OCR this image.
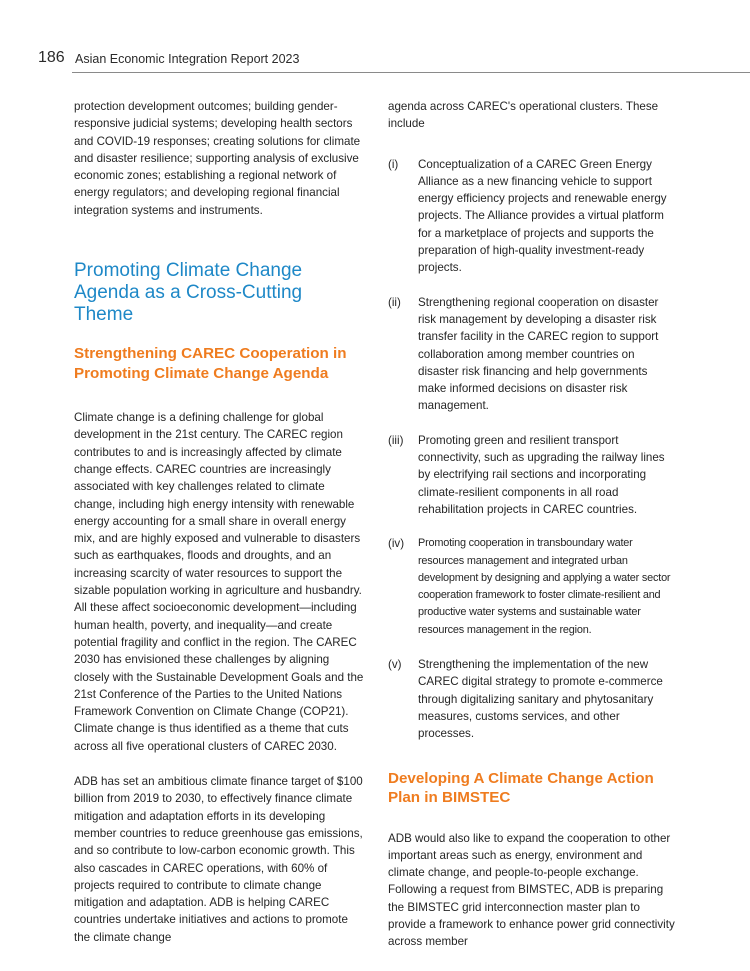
186 Asian Economic Integration Report 2023

protection development outcomes; building gender-responsive judicial systems; developing health sectors and COVID-19 responses; creating solutions for climate and disaster resilience; supporting analysis of exclusive economic zones; establishing a regional network of energy regulators; and developing regional financial integration systems and instruments.

Promoting Climate Change Agenda as a Cross-Cutting Theme
Strengthening CAREC Cooperation in Promoting Climate Change Agenda

Climate change is a defining challenge for global development in the 21st century. The CAREC region contributes to and is increasingly affected by climate change effects. CAREC countries are increasingly associated with key challenges related to climate change, including high energy intensity with renewable energy accounting for a small share in overall energy mix, and are highly exposed and vulnerable to disasters such as earthquakes, floods and droughts, and an increasing scarcity of water resources to support the sizable population working in agriculture and husbandry. All these affect socioeconomic development—including human health, poverty, and inequality—and create potential fragility and conflict in the region. The CAREC 2030 has envisioned these challenges by aligning closely with the Sustainable Development Goals and the 21st Conference of the Parties to the United Nations Framework Convention on Climate Change (COP21). Climate change is thus identified as a theme that cuts across all five operational clusters of CAREC 2030.

ADB has set an ambitious climate finance target of $100 billion from 2019 to 2030, to effectively finance climate mitigation and adaptation efforts in its developing member countries to reduce greenhouse gas emissions, and so contribute to low-carbon economic growth. This also cascades in CAREC operations, with 60% of projects required to contribute to climate change mitigation and adaptation. ADB is helping CAREC countries undertake initiatives and actions to promote the climate change

agenda across CAREC's operational clusters. These include

(i)	Conceptualization of a CAREC Green Energy Alliance as a new financing vehicle to support energy efficiency projects and renewable energy projects. The Alliance provides a virtual platform for a marketplace of projects and supports the preparation of high-quality investment-ready projects.
(ii)	Strengthening regional cooperation on disaster risk management by developing a disaster risk transfer facility in the CAREC region to support collaboration among member countries on disaster risk financing and help governments make informed decisions on disaster risk management.
(iii)	Promoting green and resilient transport connectivity, such as upgrading the railway lines by electrifying rail sections and incorporating climate-resilient components in all road rehabilitation projects in CAREC countries.
(iv)	Promoting cooperation in transboundary water resources management and integrated urban development by designing and applying a water sector cooperation framework to foster climate-resilient and productive water systems and sustainable water resources management in the region.
(v)	Strengthening the implementation of the new CAREC digital strategy to promote e-commerce through digitalizing sanitary and phytosanitary measures, customs services, and other processes.
Developing A Climate Change Action Plan in BIMSTEC

ADB would also like to expand the cooperation to other important areas such as energy, environment and climate change, and people-to-people exchange. Following a request from BIMSTEC, ADB is preparing the BIMSTEC grid interconnection master plan to provide a framework to enhance power grid connectivity across member
